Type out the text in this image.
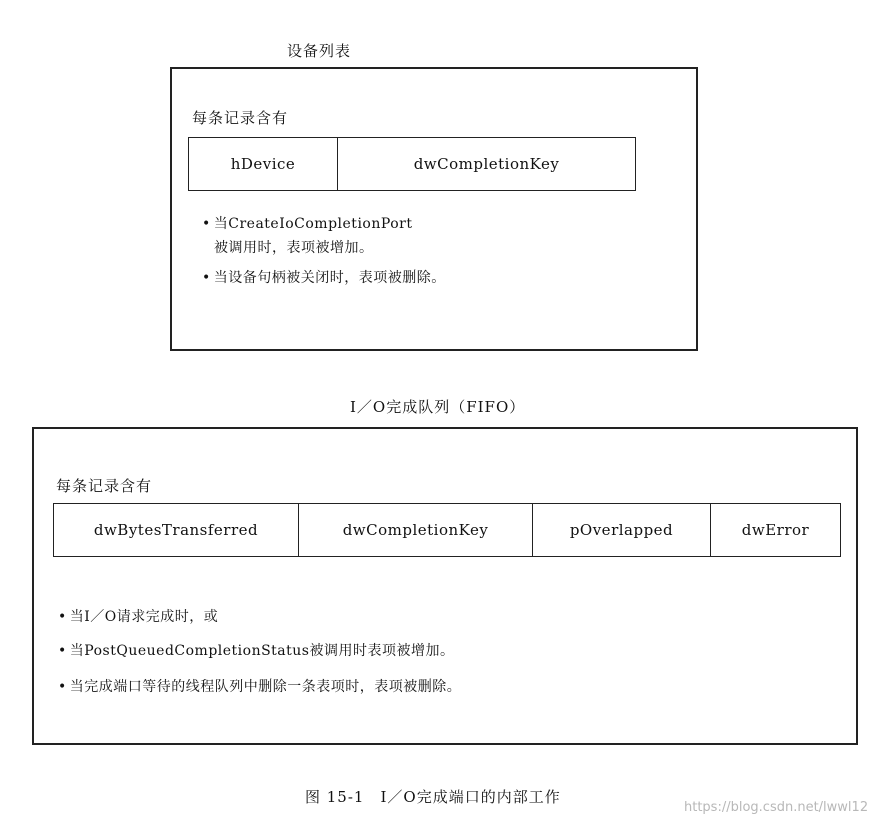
设备列表
每条记录含有
hDevice	dwCompletionKey
• 当CreateIoCompletionPort
被调用时，表项被增加。
• 当设备句柄被关闭时，表项被删除。
I／O完成队列（FIFO）
每条记录含有
dwBytesTransferred	dwCompletionKey	pOverlapped	dwError
• 当I／O请求完成时，或
• 当PostQueuedCompletionStatus被调用时表项被增加。
• 当完成端口等待的线程队列中删除一条表项时，表项被删除。
图 15-1　I／O完成端口的内部工作
https://blog.csdn.net/lwwl12
